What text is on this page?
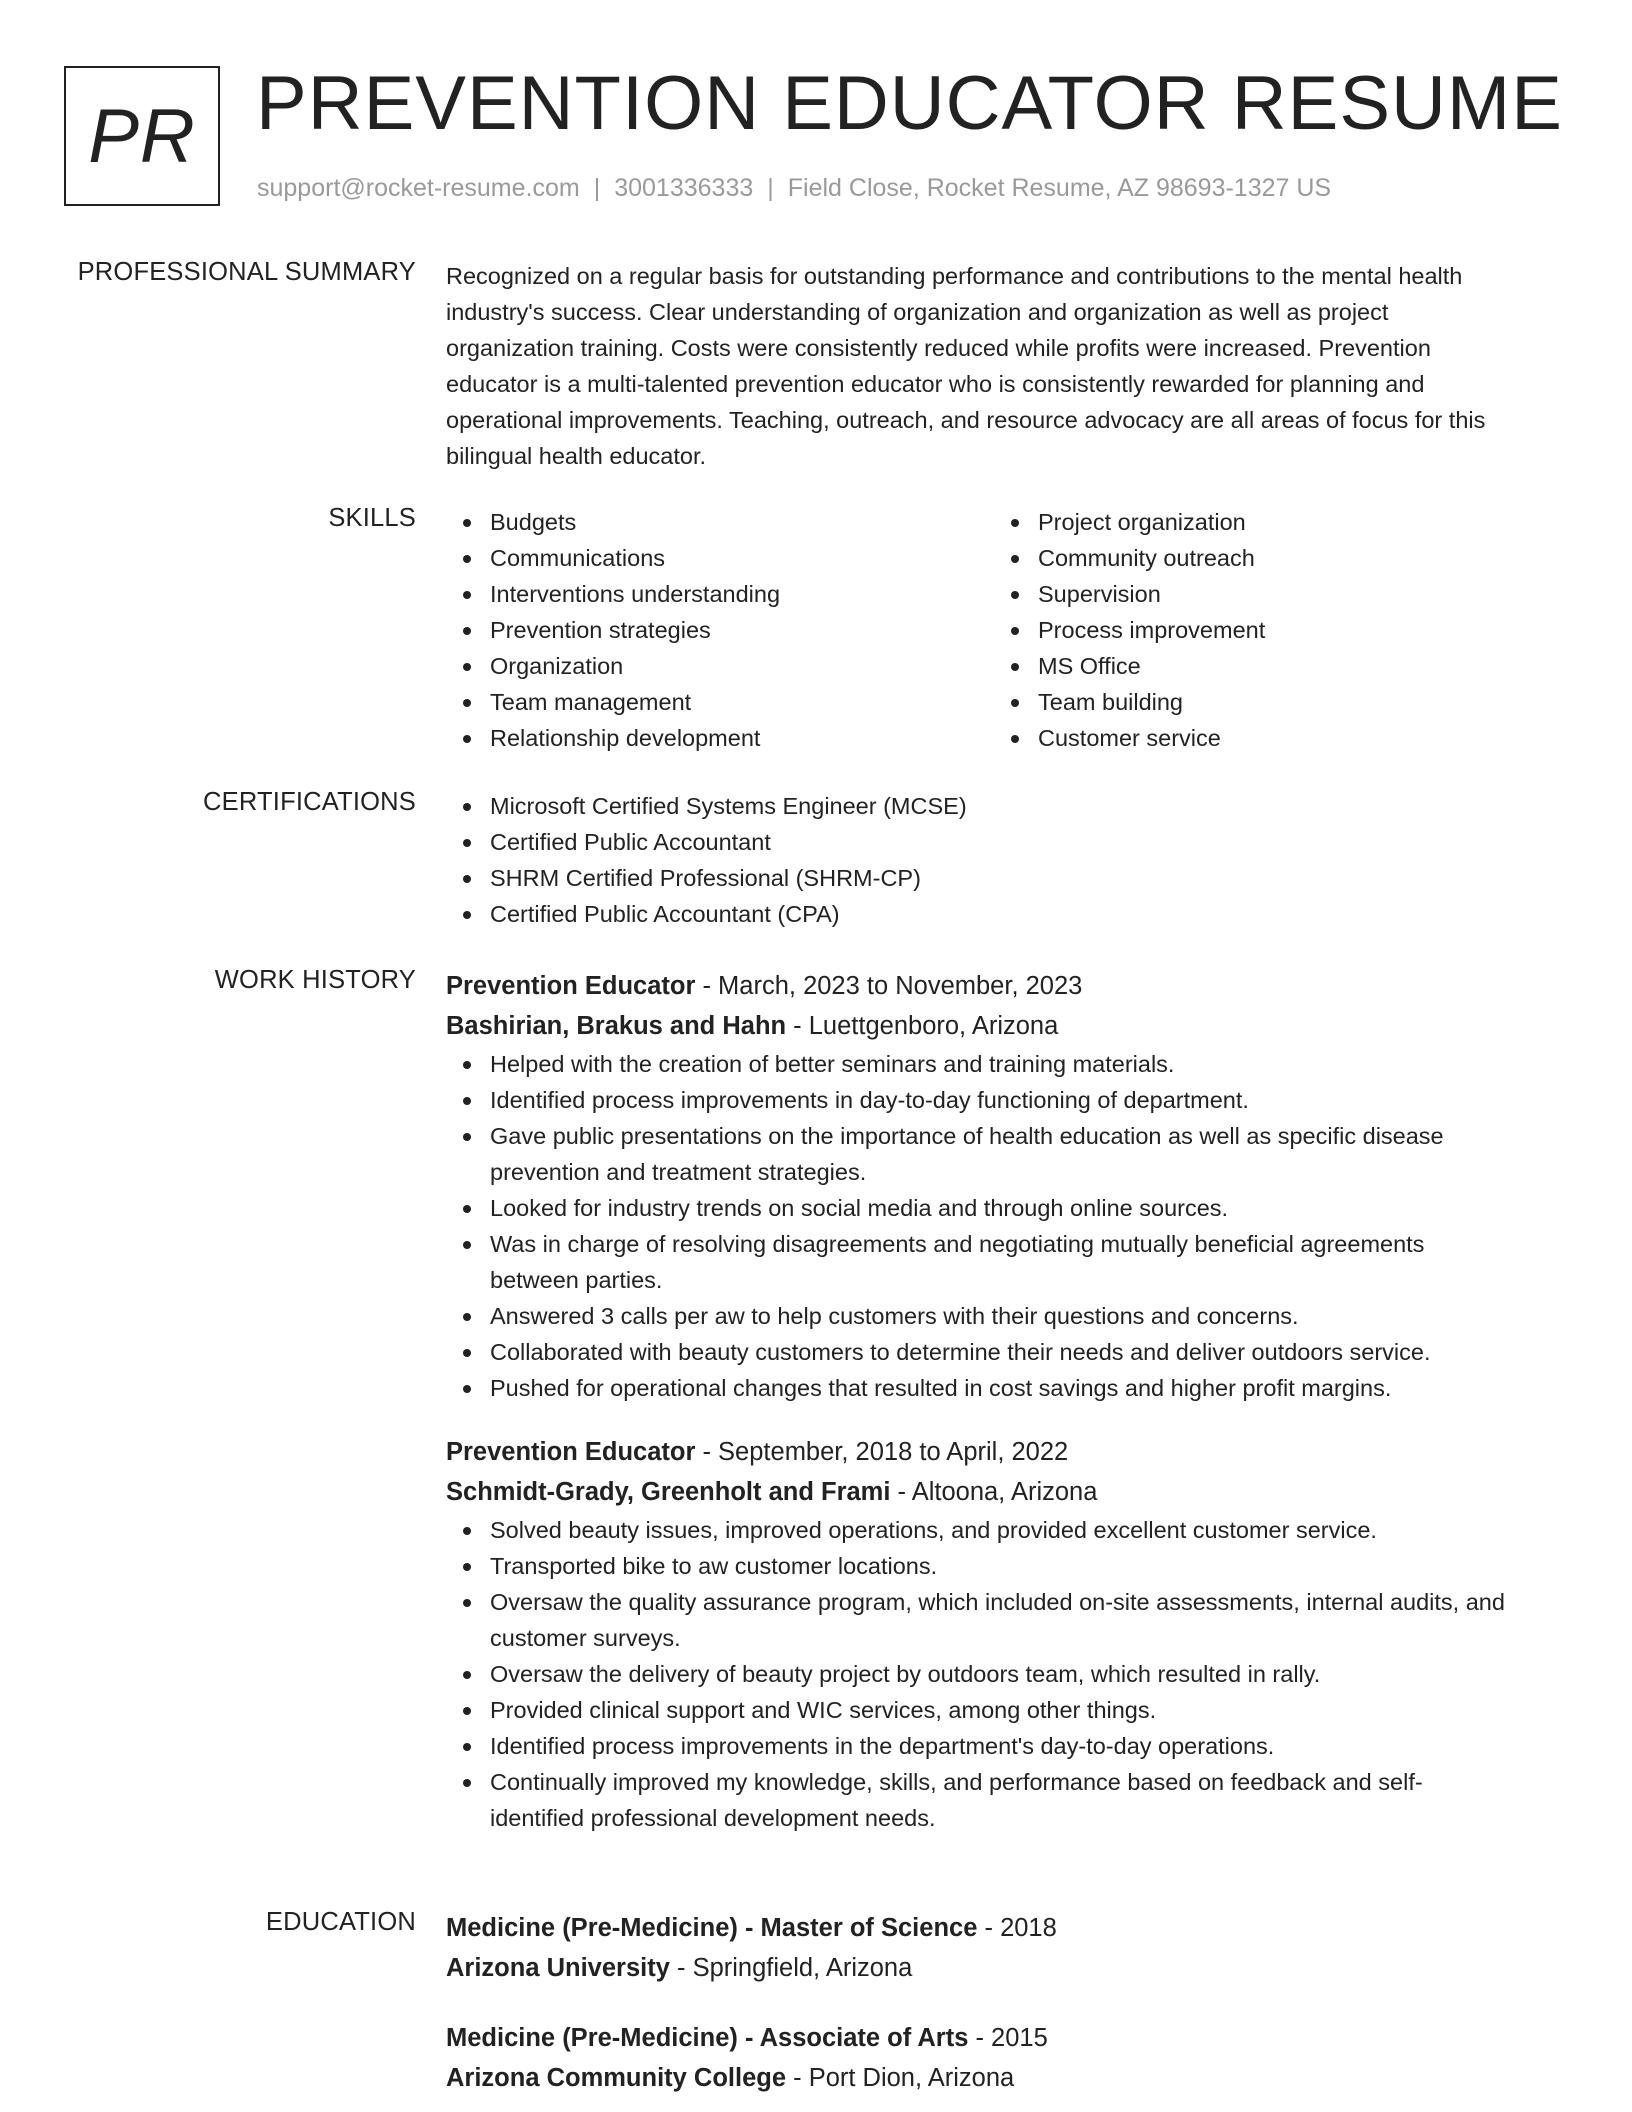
PR PREVENTION EDUCATOR RESUME
support@rocket-resume.com | 3001336333 | Field Close, Rocket Resume, AZ 98693-1327 US
PROFESSIONAL SUMMARY Recognized on a regular basis for outstanding performance and contributions to the mental health
industry's success. Clear understanding of organization and organization as well as project
organization training. Costs were consistently reduced while profits were increased. Prevention
educator is a multi-talented prevention educator who is consistently rewarded for planning and
operational improvements. Teaching, outreach, and resource advocacy are all areas of focus for this
bilingual health educator.
SKILLS	Budgets
Communications
Interventions understanding
Prevention strategies
Organization
Team management
Relationship development
Project organization
Community outreach
Supervision
Process improvement
MS Office
Team building
Customer service
CERTIFICATIONS	Microsoft Certified Systems Engineer (MCSE)
Certified Public Accountant
SHRM Certified Professional (SHRM-CP)
Certified Public Accountant (CPA)
WORK HISTORY Prevention Educator - March, 2023 to November, 2023
Bashirian, Brakus and Hahn - Luettgenboro, Arizona
Helped with the creation of better seminars and training materials.
Identified process improvements in day-to-day functioning of department.
Gave public presentations on the importance of health education as well as specific disease
prevention and treatment strategies.
Looked for industry trends on social media and through online sources.
Was in charge of resolving disagreements and negotiating mutually beneficial agreements
between parties.
Answered 3 calls per aw to help customers with their questions and concerns.
Collaborated with beauty customers to determine their needs and deliver outdoors service.
Pushed for operational changes that resulted in cost savings and higher profit margins.
Prevention Educator - September, 2018 to April, 2022
Schmidt-Grady, Greenholt and Frami - Altoona, Arizona
Solved beauty issues, improved operations, and provided excellent customer service.
Transported bike to aw customer locations.
Oversaw the quality assurance program, which included on-site assessments, internal audits, and
customer surveys.
Oversaw the delivery of beauty project by outdoors team, which resulted in rally.
Provided clinical support and WIC services, among other things.
Identified process improvements in the department's day-to-day operations.
Continually improved my knowledge, skills, and performance based on feedback and self-
identified professional development needs.
EDUCATION Medicine (Pre-Medicine) - Master of Science - 2018
Arizona University - Springfield, Arizona
Medicine (Pre-Medicine) - Associate of Arts - 2015
Arizona Community College - Port Dion, Arizona
